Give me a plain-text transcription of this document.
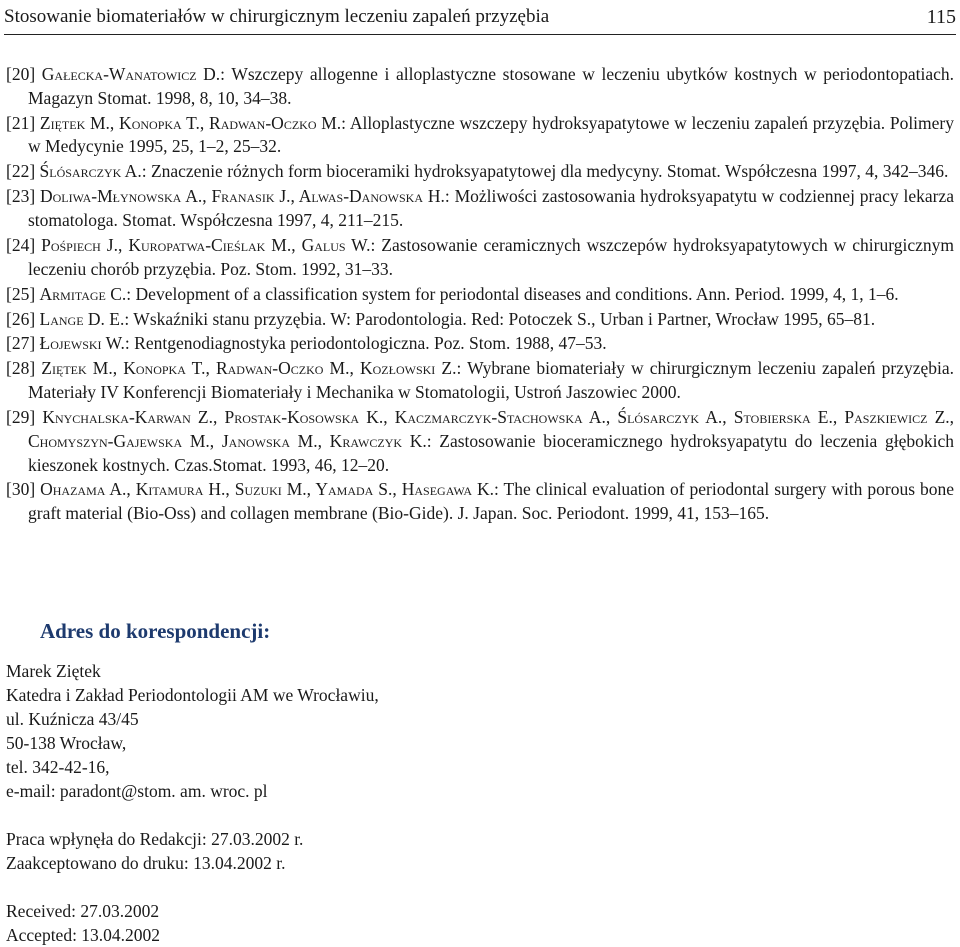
Stosowanie biomateriałów w chirurgicznym leczeniu zapaleń przyzębia	115

[20] Gałecka-Wanatowicz D.: Wszczepy allogenne i alloplastyczne stosowane w leczeniu ubytków kostnych w periodontopatiach. Magazyn Stomat. 1998, 8, 10, 34–38.

[21] Ziętek M., Konopka T., Radwan-Oczko M.: Alloplastyczne wszczepy hydroksyapatytowe w leczeniu zapaleń przyzębia. Polimery w Medycynie 1995, 25, 1–2, 25–32.

[22] Ślósarczyk A.: Znaczenie różnych form bioceramiki hydroksyapatytowej dla medycyny. Stomat. Współczesna 1997, 4, 342–346.

[23] Doliwa-Młynowska A., Franasik J., Alwas-Danowska H.: Możliwości zastosowania hydroksyapatytu w codziennej pracy lekarza stomatologa. Stomat. Współczesna 1997, 4, 211–215.

[24] Pośpiech J., Kuropatwa-Cieślak M., Galus W.: Zastosowanie ceramicznych wszczepów hydroksyapatytowych w chirurgicznym leczeniu chorób przyzębia. Poz. Stom. 1992, 31–33.

[25] Armitage C.: Development of a classification system for periodontal diseases and conditions. Ann. Period. 1999, 4, 1, 1–6.

[26] Lange D. E.: Wskaźniki stanu przyzębia. W: Parodontologia. Red: Potoczek S., Urban i Partner, Wrocław 1995, 65–81.

[27] Łojewski W.: Rentgenodiagnostyka periodontologiczna. Poz. Stom. 1988, 47–53.

[28] Ziętek M., Konopka T., Radwan-Oczko M., Kozłowski Z.: Wybrane biomateriały w chirurgicznym leczeniu zapaleń przyzębia. Materiały IV Konferencji Biomateriały i Mechanika w Stomatologii, Ustroń Jaszowiec 2000.

[29] Knychalska-Karwan Z., Prostak-Kosowska K., Kaczmarczyk-Stachowska A., Ślósarczyk A., Stobierska E., Paszkiewicz Z., Chomyszyn-Gajewska M., Janowska M., Krawczyk K.: Zastosowanie bioceramicznego hydroksyapatytu do leczenia głębokich kieszonek kostnych. Czas.Stomat. 1993, 46, 12–20.

[30] Ohazama A., Kitamura H., Suzuki M., Yamada S., Hasegawa K.: The clinical evaluation of periodontal surgery with porous bone graft material (Bio-Oss) and collagen membrane (Bio-Gide). J. Japan. Soc. Periodont. 1999, 41, 153–165.

Adres do korespondencji:
Marek Ziętek
Katedra i Zakład Periodontologii AM we Wrocławiu,
ul. Kuźnicza 43/45
50-138 Wrocław,
tel. 342-42-16,
e-mail: paradont@stom. am. wroc. pl
Praca wpłynęła do Redakcji: 27.03.2002 r.
Zaakceptowano do druku: 13.04.2002 r.
Received: 27.03.2002
Accepted: 13.04.2002
